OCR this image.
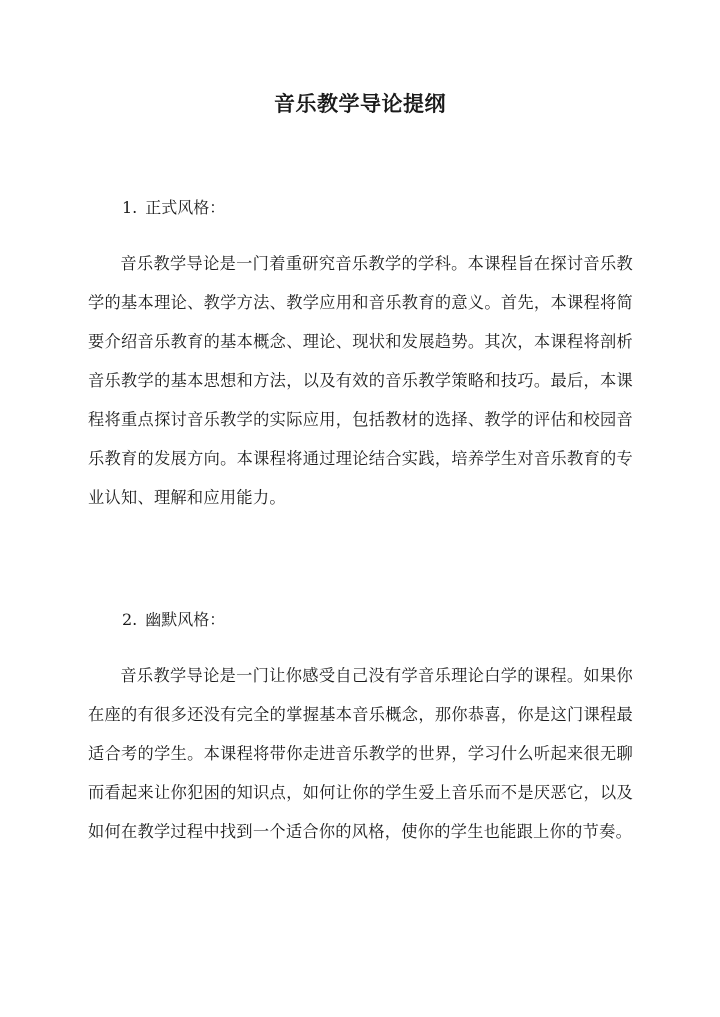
音乐教学导论提纲
1. 正式风格：

音乐教学导论是一门着重研究音乐教学的学科。本课程旨在探讨音乐教学的基本理论、教学方法、教学应用和音乐教育的意义。首先，本课程将简要介绍音乐教育的基本概念、理论、现状和发展趋势。其次，本课程将剖析音乐教学的基本思想和方法，以及有效的音乐教学策略和技巧。最后，本课程将重点探讨音乐教学的实际应用，包括教材的选择、教学的评估和校园音乐教育的发展方向。本课程将通过理论结合实践，培养学生对音乐教育的专业认知、理解和应用能力。

2. 幽默风格：

音乐教学导论是一门让你感受自己没有学音乐理论白学的课程。如果你在座的有很多还没有完全的掌握基本音乐概念，那你恭喜，你是这门课程最适合考的学生。本课程将带你走进音乐教学的世界，学习什么听起来很无聊而看起来让你犯困的知识点，如何让你的学生爱上音乐而不是厌恶它，以及如何在教学过程中找到一个适合你的风格，使你的学生也能跟上你的节奏。
